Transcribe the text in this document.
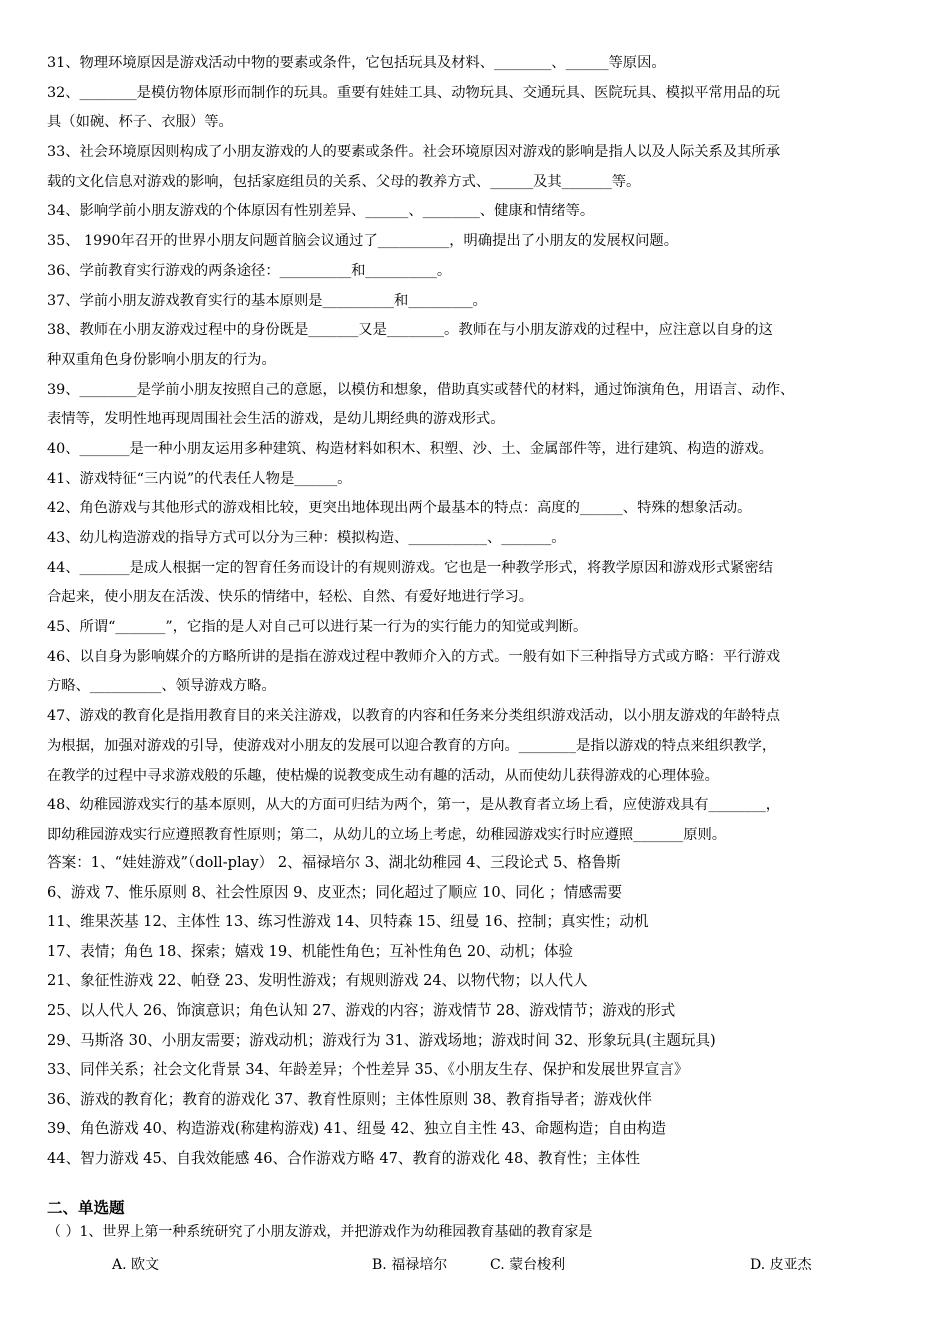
31、物理环境原因是游戏活动中物的要素或条件，它包括玩具及材料、________、______等原因。
32、________是模仿物体原形而制作的玩具。重要有娃娃工具、动物玩具、交通玩具、医院玩具、模拟平常用品的玩
具（如碗、杯子、衣服）等。
33、社会环境原因则构成了小朋友游戏的人的要素或条件。社会环境原因对游戏的影响是指人以及人际关系及其所承
载的文化信息对游戏的影响，包括家庭组员的关系、父母的教养方式、______及其_______等。
34、影响学前小朋友游戏的个体原因有性别差异、______、________、健康和情绪等。
35、 1990年召开的世界小朋友问题首脑会议通过了__________，明确提出了小朋友的发展权问题。
36、学前教育实行游戏的两条途径：__________和__________。
37、学前小朋友游戏教育实行的基本原则是__________和_________。
38、教师在小朋友游戏过程中的身份既是_______又是________。教师在与小朋友游戏的过程中，应注意以自身的这
种双重角色身份影响小朋友的行为。
39、________是学前小朋友按照自己的意愿，以模仿和想象，借助真实或替代的材料，通过饰演角色，用语言、动作、
表情等，发明性地再现周围社会生活的游戏，是幼儿期经典的游戏形式。
40、_______是一种小朋友运用多种建筑、构造材料如积木、积塑、沙、土、金属部件等，进行建筑、构造的游戏。
41、游戏特征“三内说”的代表任人物是______。
42、角色游戏与其他形式的游戏相比较，更突出地体现出两个最基本的特点：高度的______、特殊的想象活动。
43、幼儿构造游戏的指导方式可以分为三种：模拟构造、___________、_______。
44、_______是成人根据一定的智育任务而设计的有规则游戏。它也是一种教学形式，将教学原因和游戏形式紧密结
合起来，使小朋友在活泼、快乐的情绪中，轻松、自然、有爱好地进行学习。
45、所谓“_______”，它指的是人对自己可以进行某一行为的实行能力的知觉或判断。
46、以自身为影响媒介的方略所讲的是指在游戏过程中教师介入的方式。一般有如下三种指导方式或方略：平行游戏
方略、__________、领导游戏方略。
47、游戏的教育化是指用教育目的来关注游戏，以教育的内容和任务来分类组织游戏活动，以小朋友游戏的年龄特点
为根据，加强对游戏的引导，使游戏对小朋友的发展可以迎合教育的方向。________是指以游戏的特点来组织教学，
在教学的过程中寻求游戏般的乐趣，使枯燥的说教变成生动有趣的活动，从而使幼儿获得游戏的心理体验。
48、幼稚园游戏实行的基本原则，从大的方面可归结为两个，第一，是从教育者立场上看，应使游戏具有________，
即幼稚园游戏实行应遵照教育性原则；第二，从幼儿的立场上考虑，幼稚园游戏实行时应遵照_______原则。
答案：1、“娃娃游戏”（doll-play） 2、福禄培尔 3、湖北幼稚园 4、三段论式 5、格鲁斯
6、游戏 7、惟乐原则 8、社会性原因 9、皮亚杰；同化超过了顺应 10、同化 ；情感需要
11、维果茨基 12、主体性 13、练习性游戏 14、贝特森 15、纽曼 16、控制；真实性；动机
17、表情；角色 18、探索；嬉戏 19、机能性角色；互补性角色 20、动机；体验
21、象征性游戏 22、帕登 23、发明性游戏；有规则游戏 24、以物代物；以人代人
25、以人代人 26、饰演意识；角色认知 27、游戏的内容；游戏情节 28、游戏情节；游戏的形式
29、马斯洛 30、小朋友需要；游戏动机；游戏行为 31、游戏场地；游戏时间 32、形象玩具(主题玩具)
33、同伴关系；社会文化背景 34、年龄差异；个性差异 35、《小朋友生存、保护和发展世界宣言》
36、游戏的教育化；教育的游戏化 37、教育性原则；主体性原则 38、教育指导者；游戏伙伴
39、角色游戏 40、构造游戏(称建构游戏) 41、纽曼 42、独立自主性 43、命题构造；自由构造
44、智力游戏 45、自我效能感 46、合作游戏方略 47、教育的游戏化 48、教育性；主体性
二、单选题
（ ）1、世界上第一种系统研究了小朋友游戏，并把游戏作为幼稚园教育基础的教育家是
A. 欧文	B. 福禄培尔	C. 蒙台梭利	D. 皮亚杰
